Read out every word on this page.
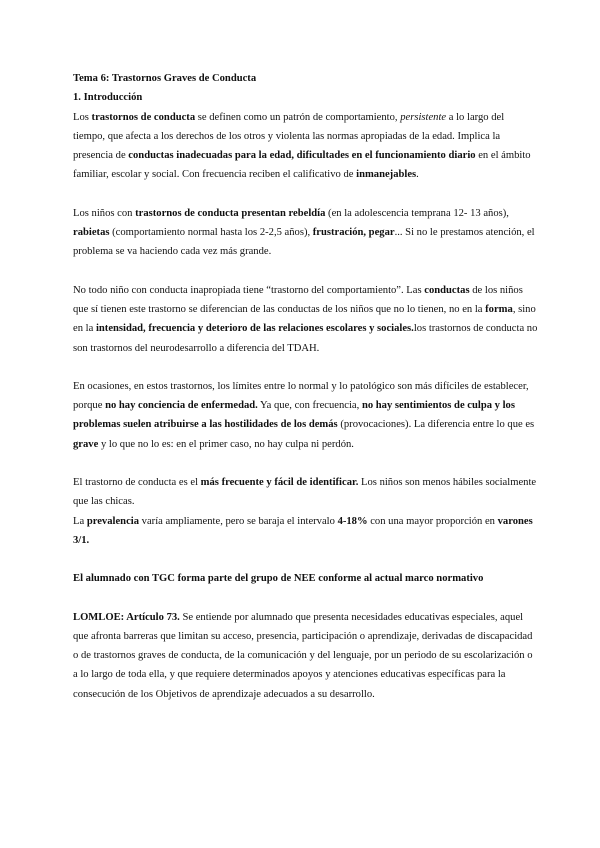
Tema 6: Trastornos Graves de Conducta

1. Introducción

Los trastornos de conducta se definen como un patrón de comportamiento, persistente a lo largo del tiempo, que afecta a los derechos de los otros y violenta las normas apropiadas de la edad. Implica la presencia de conductas inadecuadas para la edad, dificultades en el funcionamiento diario en el ámbito familiar, escolar y social. Con frecuencia reciben el calificativo de inmanejables.

Los niños con trastornos de conducta presentan rebeldía (en la adolescencia temprana 12- 13 años), rabietas (comportamiento normal hasta los 2-2,5 años), frustración, pegar... Si no le prestamos atención, el problema se va haciendo cada vez más grande.

No todo niño con conducta inapropiada tiene “trastorno del comportamiento”. Las conductas de los niños que sí tienen este trastorno se diferencian de las conductas de los niños que no lo tienen, no en la forma, sino en la intensidad, frecuencia y deterioro de las relaciones escolares y sociales.los trastornos de conducta no son trastornos del neurodesarrollo a diferencia del TDAH.

En ocasiones, en estos trastornos, los límites entre lo normal y lo patológico son más difíciles de establecer, porque no hay conciencia de enfermedad. Ya que, con frecuencia, no hay sentimientos de culpa y los problemas suelen atribuirse a las hostilidades de los demás (provocaciones). La diferencia entre lo que es grave y lo que no lo es: en el primer caso, no hay culpa ni perdón.

El trastorno de conducta es el más frecuente y fácil de identificar. Los niños son menos hábiles socialmente que las chicas.

La prevalencia varía ampliamente, pero se baraja el intervalo 4-18% con una mayor proporción en varones 3/1.

El alumnado con TGC forma parte del grupo de NEE conforme al actual marco normativo

LOMLOE: Artículo 73. Se entiende por alumnado que presenta necesidades educativas especiales, aquel que afronta barreras que limitan su acceso, presencia, participación o aprendizaje, derivadas de discapacidad o de trastornos graves de conducta, de la comunicación y del lenguaje, por un periodo de su escolarización o a lo largo de toda ella, y que requiere determinados apoyos y atenciones educativas específicas para la consecución de los Objetivos de aprendizaje adecuados a su desarrollo.
